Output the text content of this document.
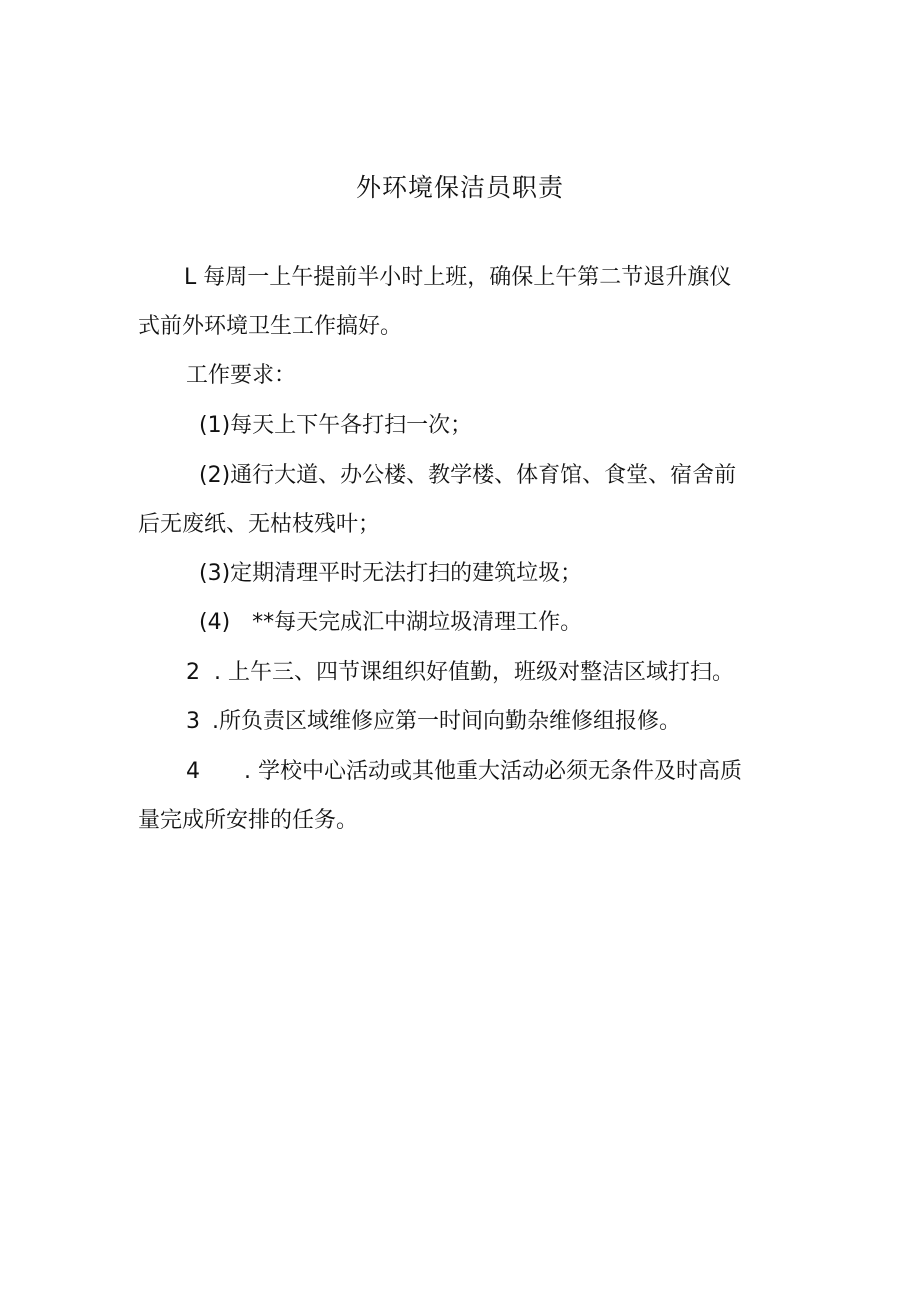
外环境保洁员职责
L 每周一上午提前半小时上班，确保上午第二节退升旗仪
式前外环境卫生工作搞好。
工作要求：
(1)每天上下午各打扫一次；
(2)通行大道、办公楼、教学楼、体育馆、食堂、宿舍前
后无废纸、无枯枝残叶；
(3)定期清理平时无法打扫的建筑垃圾；
(4) **每天完成汇中湖垃圾清理工作。
2 . 上午三、四节课组织好值勤，班级对整洁区域打扫。
3 .所负责区域维修应第一时间向勤杂维修组报修。
4 . 学校中心活动或其他重大活动必须无条件及时高质
量完成所安排的任务。
